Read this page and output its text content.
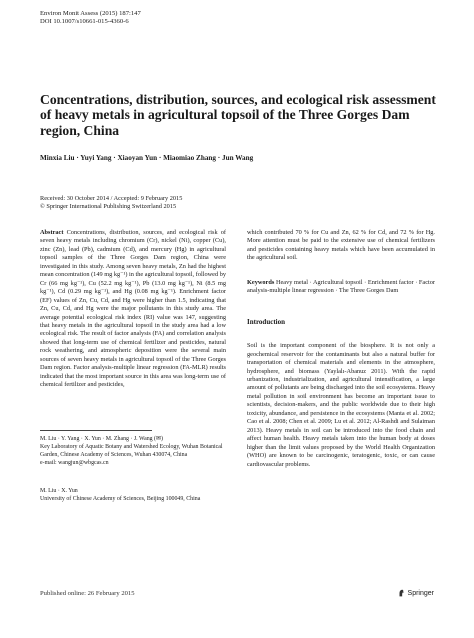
Environ Monit Assess (2015) 187:147
DOI 10.1007/s10661-015-4360-6
Concentrations, distribution, sources, and ecological risk assessment of heavy metals in agricultural topsoil of the Three Gorges Dam region, China
Minxia Liu · Yuyi Yang · Xiaoyan Yun · Miaomiao Zhang · Jun Wang
Received: 30 October 2014 / Accepted: 9 February 2015
© Springer International Publishing Switzerland 2015

Abstract Concentrations, distribution, sources, and ecological risk of seven heavy metals including chromium (Cr), nickel (Ni), copper (Cu), zinc (Zn), lead (Pb), cadmium (Cd), and mercury (Hg) in agricultural topsoil samples of the Three Gorges Dam region, China were investigated in this study. Among seven heavy metals, Zn had the highest mean concentration (149 mg kg⁻¹) in the agricultural topsoil, followed by Cr (66 mg kg⁻¹), Cu (52.2 mg kg⁻¹), Pb (13.0 mg kg⁻¹), Ni (8.5 mg kg⁻¹), Cd (0.29 mg kg⁻¹), and Hg (0.08 mg kg⁻¹). Enrichment factor (EF) values of Zn, Cu, Cd, and Hg were higher than 1.5, indicating that Zn, Cu, Cd, and Hg were the major pollutants in this study area. The average potential ecological risk index (RI) value was 147, suggesting that heavy metals in the agricultural topsoil in the study area had a low ecological risk. The result of factor analysis (FA) and correlation analysis showed that long-term use of chemical fertilizer and pesticides, natural rock weathering, and atmospheric deposition were the several main sources of seven heavy metals in agricultural topsoil of the Three Gorges Dam region. Factor analysis-multiple linear regression (FA-MLR) results indicated that the most important source in this area was long-term use of chemical fertilizer and pesticides,

M. Liu · Y. Yang · X. Yun · M. Zhang · J. Wang (✉)

Key Laboratory of Aquatic Botany and Watershed Ecology, Wuhan Botanical Garden, Chinese Academy of Sciences, Wuhan 430074, China

e-mail: wangjun@wbgcas.cn

M. Liu · X. Yun

University of Chinese Academy of Sciences, Beijing 100049, China

which contributed 70 % for Cu and Zn, 62 % for Cd, and 72 % for Hg. More attention must be paid to the extensive use of chemical fertilizers and pesticides containing heavy metals which have been accumulated in the agricultural soil.

Keywords Heavy metal · Agricultural topsoil · Enrichment factor · Factor analysis-multiple linear regression · The Three Gorges Dam

Introduction

Soil is the important component of the biosphere. It is not only a geochemical reservoir for the contaminants but also a natural buffer for transportation of chemical materials and elements in the atmosphere, hydrosphere, and biomass (Yaylalı-Abanuz 2011). With the rapid urbanization, industrialization, and agricultural intensification, a large amount of pollutants are being discharged into the soil ecosystems. Heavy metal pollution in soil environment has become an important issue to scientists, decision-makers, and the public worldwide due to their high toxicity, abundance, and persistence in the ecosystems (Manta et al. 2002; Cao et al. 2008; Chen et al. 2009; Lu et al. 2012; Al-Rashdi and Sulaiman 2013). Heavy metals in soil can be introduced into the food chain and affect human health. Heavy metals taken into the human body at doses higher than the limit values proposed by the World Health Organization (WHO) are known to be carcinogenic, teratogenic, toxic, or can cause cardiovascular problems.

Published online: 26 February 2015	Springer
